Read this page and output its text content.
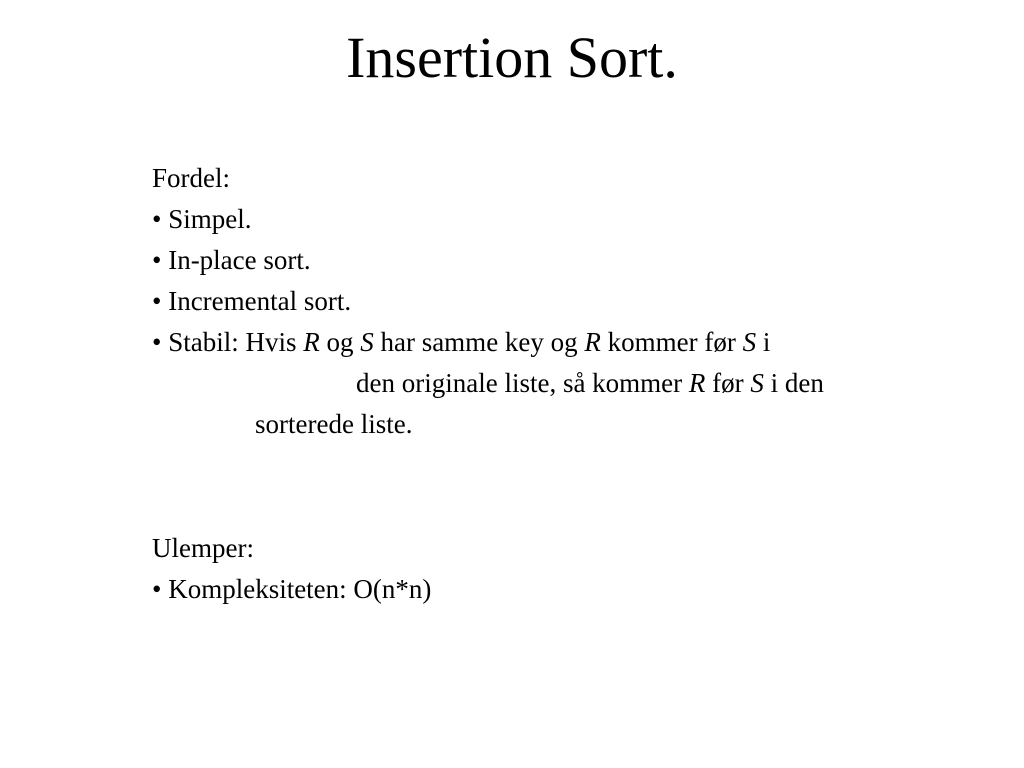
Insertion Sort.
Fordel:
• Simpel.
• In-place sort.
• Incremental sort.
• Stabil: Hvis R og S har samme key og R kommer før S i
den originale liste, så kommer R før S i den
sorterede liste.
Ulemper:
• Kompleksiteten: O(n*n)
